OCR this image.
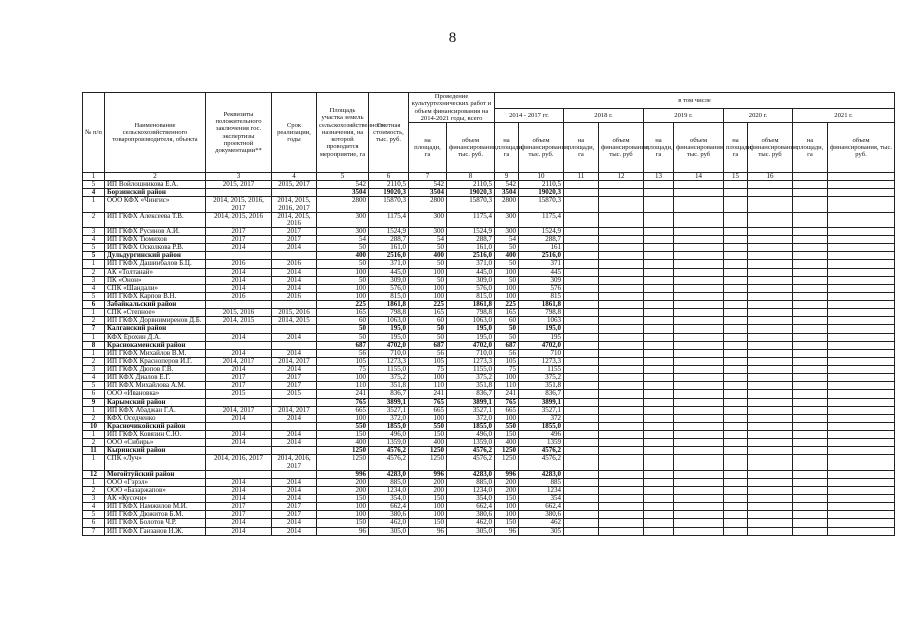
8
№ п/п	Наименование сельскохозяйственного товаропроизводителя, объекта	Реквизиты положительного заключения гос. экспертизы проектной документации**	Срок реализации, годы	Площадь участка земель сельскохозяйственного назначения, на которой проводится мероприятие, га	Сметная стоимость, тыс. руб.	Проведение культуртехнических работ и объем финансирования на 2014-2021 годы, всего		в том числе									
								2014 - 2017 гг.		2018 г.		2019 г.		2020 г.		2021 г.	
						на площади, га	объем финансирования, тыс. руб.	на площади, га	объем финансирования, тыс. руб.	на площади, га	объем финансирования, тыс. руб	на площади, га	объем финансирования, тыс. руб	на площади, га	объем финансирования, тыс. руб	на площади, га	объем финансирования, тыс. руб.
1	2	3	4	5	6	7	8	9	10	11	12	13	14	15	16		
5	ИП Войлошникова Е.А.	2015, 2017	2015, 2017	542	2110,5	542	2110,5	542	2110,5								
4	Борзинский район			3504	19020,3	3504	19020,3	3504	19020,3								
1	ООО КФХ «Чингис»	2014, 2015, 2016, 2017	2014, 2015, 2016, 2017	2800	15870,3	2800	15870,3	2800	15870,3								
2	ИП ГКФХ Алексеева Т.В.	2014, 2015, 2016	2014, 2015, 2016	300	1175,4	300	1175,4	300	1175,4								
3	ИП ГКФХ Русинов А.И.	2017	2017	300	1524,9	300	1524,9	300	1524,9								
4	ИП ГКФХ Тюмихов	2017	2017	54	288,7	54	288,7	54	288,7								
5	ИП ГКФХ Осколкова Р.В.	2014	2014	50	161,0	50	161,0	50	161								
5	Дульдургинский район			400	2516,0	400	2516,0	400	2516,0								
1	ИП ГКФХ Дашинбалов Б.Ц.	2016	2016	50	371,0	50	371,0	50	371								
2	АК «Толтанай»	2014	2014	100	445,0	100	445,0	100	445								
3	ПК «Онон»	2014	2014	50	309,0	50	309,0	50	309								
4	СПК «Шандали»	2014	2014	100	576,0	100	576,0	100	576								
5	ИП ГКФХ Карпов В.Н.	2016	2016	100	815,0	100	815,0	100	815								
6	Забайкальский район			225	1861,8	225	1861,8	225	1861,8								
1	СПК «Степное»	2015, 2016	2015, 2016	165	798,8	165	798,8	165	798,8								
2	ИП ГКФХ Дорвнимиренов Д.Б.	2014, 2015	2014, 2015	60	1063,0	60	1063,0	60	1063								
7	Калганский район			50	195,0	50	195,0	50	195,0								
1	КФХ Ерохин Д.А.	2014	2014	50	195,0	50	195,0	50	195								
8	Краснокаменский район			687	4702,0	687	4702,0	687	4702,0								
1	ИП ГКФХ Михайлов В.М.	2014	2014	56	710,0	56	710,0	56	710								
2	ИП ГКФХ Красноперов И.Г.	2014, 2017	2014, 2017	105	1273,3	105	1273,3	105	1273,3								
3	ИП ГКФХ Дюпов Г.В.	2014	2014	75	1155,0	75	1155,0	75	1155								
4	ИП КФХ Диалов Е.Г.	2017	2017	100	375,2	100	375,2	100	375,2								
5	ИП КФХ Михайлова А.М.	2017	2017	110	351,8	110	351,8	110	351,8								
6	ООО «Ивановка»	2015	2015	241	836,7	241	836,7	241	836,7								
9	Карымский район			765	3899,1	765	3899,1	765	3899,1								
1	ИП КФХ Абаджан Г.А.	2014, 2017	2014, 2017	665	3527,1	665	3527,1	665	3527,1								
2	КФХ Оседченко	2014	2014	100	372,0	100	372,0	100	372								
10	Красночикойский район			550	1855,0	550	1855,0	550	1855,0								
1	ИП ГКФХ Ковязин С.Ю.	2014	2014	150	496,0	150	496,0	150	496								
2	ООО «Сибирь»	2014	2014	400	1359,0	400	1359,0	400	1359								
11	Кыринский район			1250	4576,2	1250	4576,2	1250	4576,2								
1	СПК «Луч»	2014, 2016, 2017	2014, 2016, 2017	1250	4576,2	1250	4576,2	1250	4576,2								
12	Могойтуйский район			996	4283,0	996	4283,0	996	4283,0								
1	ООО «Гэрэл»	2014	2014	200	885,0	200	885,0	200	885								
2	ООО «Базаржапов»	2014	2014	200	1234,0	200	1234,0	200	1234								
3	АК «Кусочи»	2014	2014	150	354,0	150	354,0	150	354								
4	ИП ГКФХ Намжилов М.И.	2017	2017	100	662,4	100	662,4	100	662,4								
5	ИП ГКФХ Дюжитов Б.М.	2017	2017	100	380,6	100	380,6	100	380,6								
6	ИП ГКФХ Болотов Ч.Р.	2014	2014	150	462,0	150	462,0	150	462								
7	ИП ГКФХ Ганзанов Н.Ж.	2014	2014	96	305,0	96	305,0	96	305								
